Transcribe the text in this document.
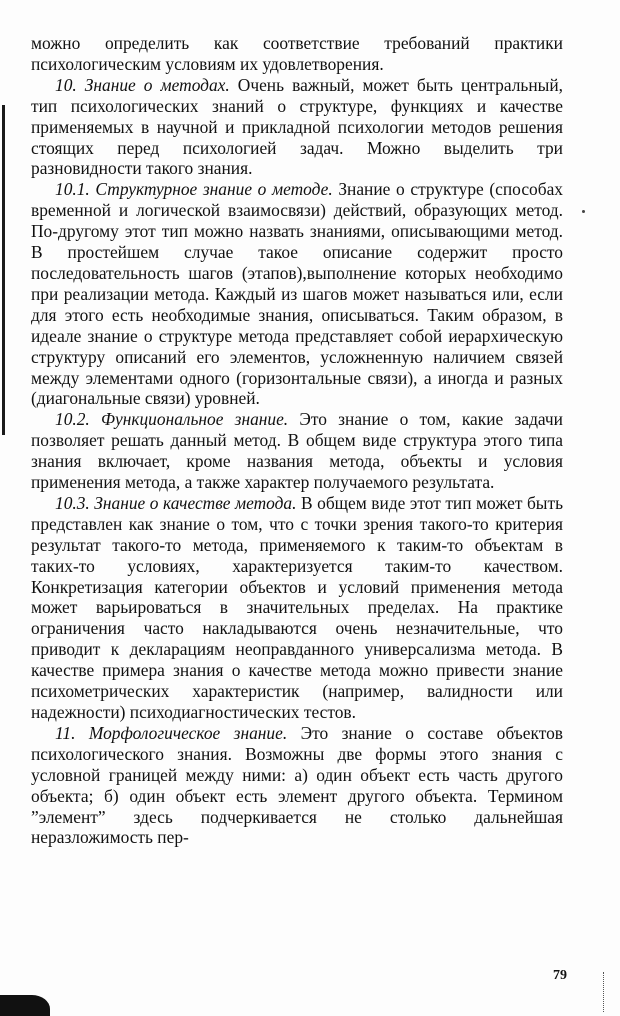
можно определить как соответствие требований практики психологическим условиям их удовлетворения.

10. Знание о методах. Очень важный, может быть центральный, тип психологических знаний о структуре, функциях и качестве применяемых в научной и прикладной психологии методов решения стоящих перед психологией задач. Можно выделить три разновидности такого знания.

10.1. Структурное знание о методе. Знание о структуре (способах временной и логической взаимосвязи) действий, образующих метод. По-другому этот тип можно назвать знаниями, описывающими метод. В простейшем случае такое описание содержит просто последовательность шагов (этапов),выполнение которых необходимо при реализации метода. Каждый из шагов может называться или, если для этого есть необходимые знания, описываться. Таким образом, в идеале знание о структуре метода представляет собой иерархическую структуру описаний его элементов, усложненную наличием связей между элементами одного (горизонтальные связи), а иногда и разных (диагональные связи) уровней.

10.2. Функциональное знание. Это знание о том, какие задачи позволяет решать данный метод. В общем виде структура этого типа знания включает, кроме названия метода, объекты и условия применения метода, а также характер получаемого результата.

10.3. Знание о качестве метода. В общем виде этот тип может быть представлен как знание о том, что с точки зрения такого-то критерия результат такого-то метода, применяемого к таким-то объектам в таких-то условиях, характеризуется таким-то качеством. Конкретизация категории объектов и условий применения метода может варьироваться в значительных пределах. На практике ограничения часто накладываются очень незначительные, что приводит к декларациям неоправданного универсализма метода. В качестве примера знания о качестве метода можно привести знание психометрических характеристик (например, валидности или надежности) психодиагностических тестов.

11. Морфологическое знание. Это знание о составе объектов психологического знания. Возможны две формы этого знания с условной границей между ними: а) один объект есть часть другого объекта; б) один объект есть элемент другого объекта. Термином ”элемент” здесь подчеркивается не столько дальнейшая неразложимость пер-

79
